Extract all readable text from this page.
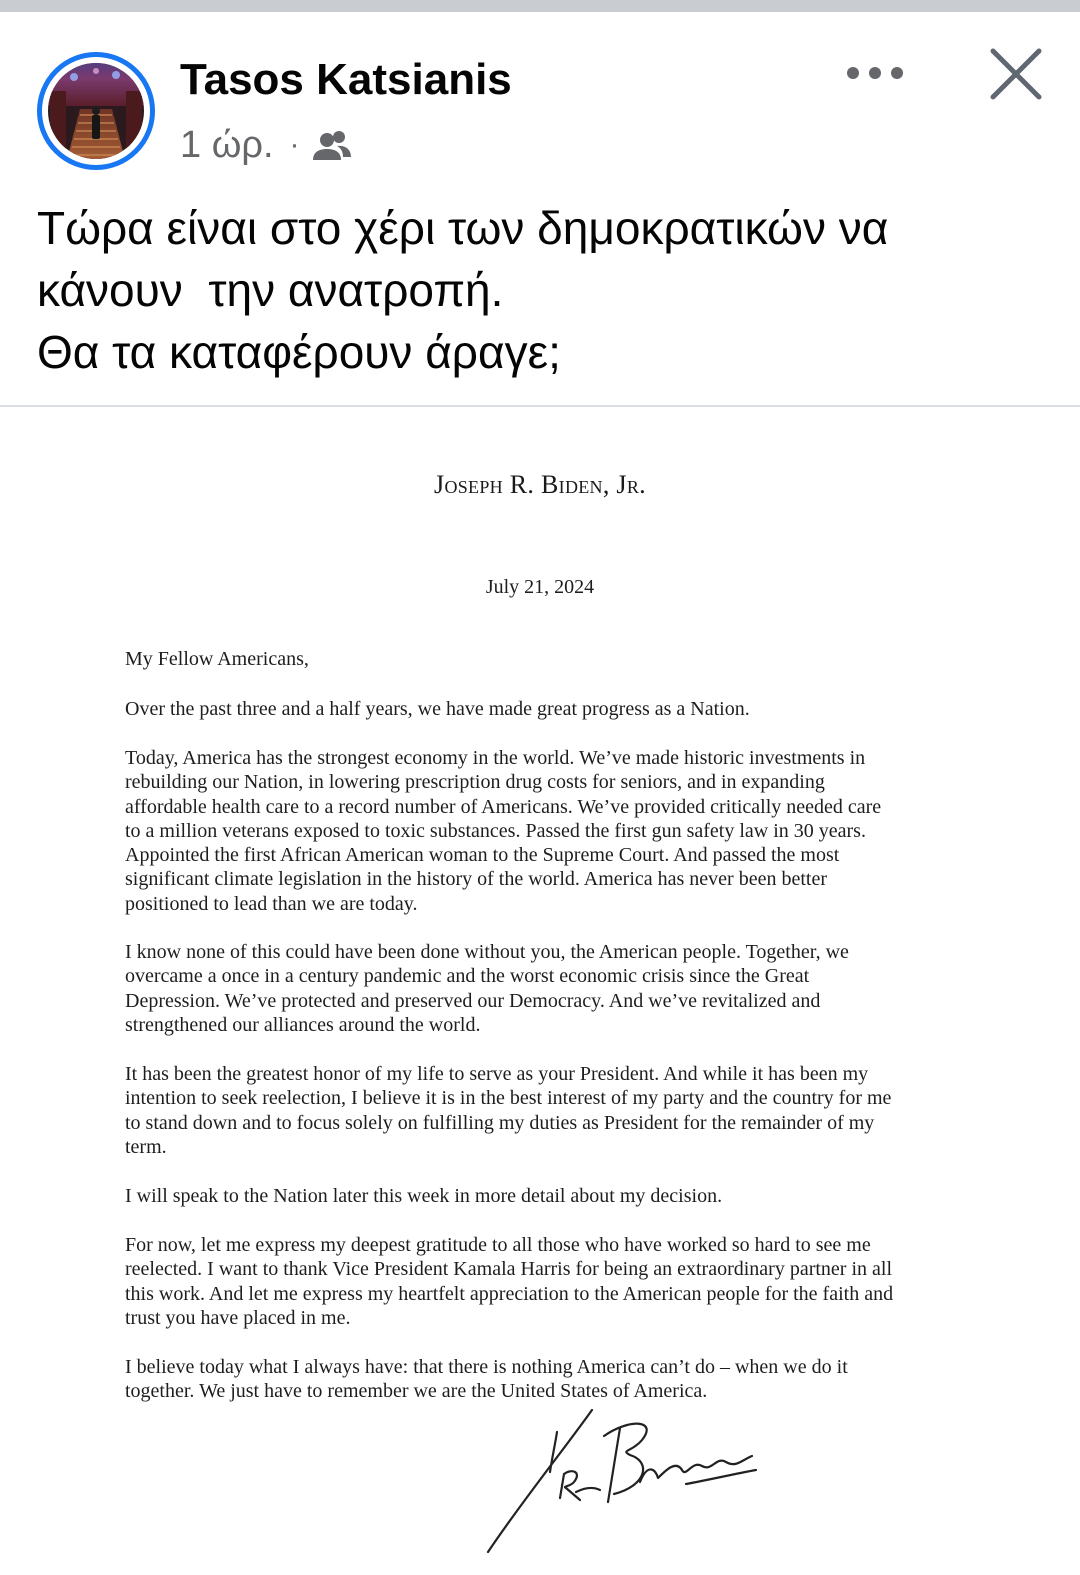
Tasos Katsianis
1 ώρ. ·
Τώρα είναι στο χέρι των δημοκρατικών να
κάνουν  την ανατροπή.
Θα τα καταφέρουν άραγε;
Joseph R. Biden, Jr.
July 21, 2024
My Fellow Americans,
Over the past three and a half years, we have made great progress as a Nation.
Today, America has the strongest economy in the world. We’ve made historic investments in
rebuilding our Nation, in lowering prescription drug costs for seniors, and in expanding
affordable health care to a record number of Americans. We’ve provided critically needed care
to a million veterans exposed to toxic substances. Passed the first gun safety law in 30 years.
Appointed the first African American woman to the Supreme Court. And passed the most
significant climate legislation in the history of the world. America has never been better
positioned to lead than we are today.
I know none of this could have been done without you, the American people. Together, we
overcame a once in a century pandemic and the worst economic crisis since the Great
Depression. We’ve protected and preserved our Democracy. And we’ve revitalized and
strengthened our alliances around the world.
It has been the greatest honor of my life to serve as your President. And while it has been my
intention to seek reelection, I believe it is in the best interest of my party and the country for me
to stand down and to focus solely on fulfilling my duties as President for the remainder of my
term.
I will speak to the Nation later this week in more detail about my decision.
For now, let me express my deepest gratitude to all those who have worked so hard to see me
reelected. I want to thank Vice President Kamala Harris for being an extraordinary partner in all
this work. And let me express my heartfelt appreciation to the American people for the faith and
trust you have placed in me.
I believe today what I always have: that there is nothing America can’t do – when we do it
together. We just have to remember we are the United States of America.
